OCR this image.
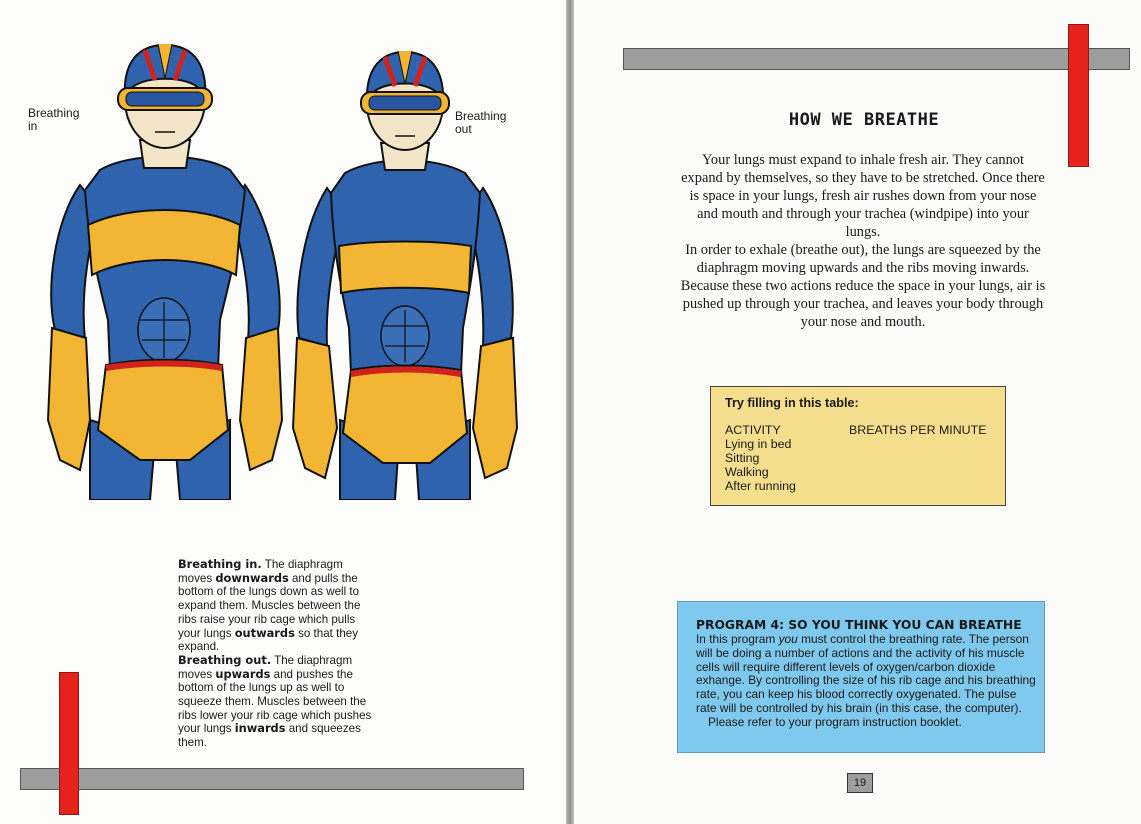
Breathing in
Breathing out
Breathing in. The diaphragm moves downwards and pulls the bottom of the lungs down as well to expand them. Muscles between the ribs raise your rib cage which pulls your lungs outwards so that they expand.
Breathing out. The diaphragm moves upwards and pushes the bottom of the lungs up as well to squeeze them. Muscles between the ribs lower your rib cage which pushes your lungs inwards and squeezes them.
HOW WE BREATHE

Your lungs must expand to inhale fresh air. They cannot expand by themselves, so they have to be stretched. Once there is space in your lungs, fresh air rushes down from your nose and mouth and through your trachea (windpipe) into your lungs.

In order to exhale (breathe out), the lungs are squeezed by the diaphragm moving upwards and the ribs moving inwards. Because these two actions reduce the space in your lungs, air is pushed up through your trachea, and leaves your body through your nose and mouth.

Try filling in this table:
ACTIVITY
Lying in bed
Sitting
Walking
After running
BREATHS PER MINUTE
PROGRAM 4: SO YOU THINK YOU CAN BREATHE
In this program you must control the breathing rate. The person will be doing a number of actions and the activity of his muscle cells will require different levels of oxygen/carbon dioxide exhange. By controlling the size of his rib cage and his breathing rate, you can keep his blood correctly oxygenated. The pulse rate will be controlled by his brain (in this case, the computer).
Please refer to your program instruction booklet.
19
